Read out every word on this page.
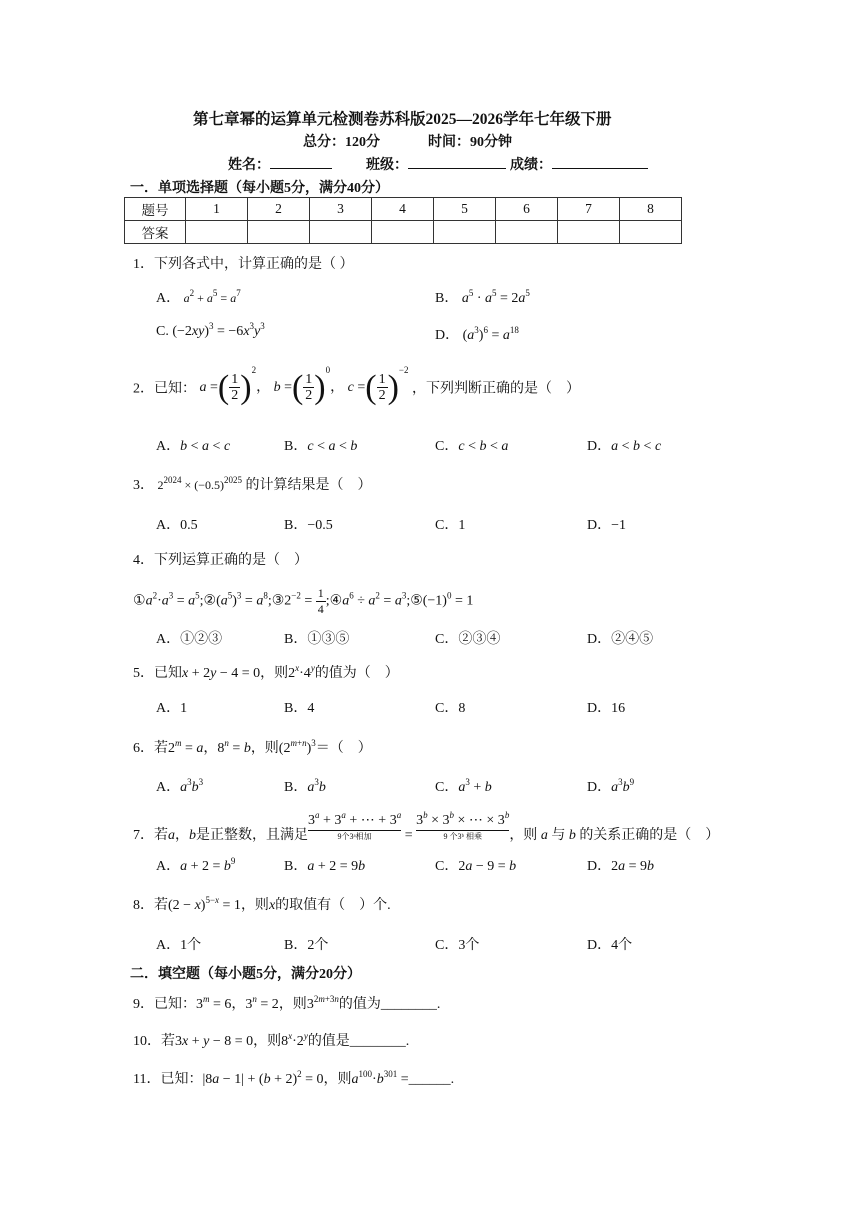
第七章幂的运算单元检测卷苏科版2025—2026学年七年级下册
总分：120分	时间：90分钟
姓名：	班级：	成绩：
一．单项选择题（每小题5分，满分40分）
题号	1	2	3	4	5	6	7	8
答案								
1．下列各式中，计算正确的是（ ）
A． $a^2 + a^5 = a^7$	B． $a^5 \cdot a^5 = 2a^5$
C. $(-2xy)^3 = -6x^3y^3$
D． $(a^3)^6 = a^{18}$
2．已知： a =( $\frac{1}{2} )^2$， b =( $\frac{1}{2} )^0$， c =( $\frac{1}{2} )^{-2}$ ，下列判断正确的是（　）
A．b < a < c	B．c < a < b	C．c < b < a	D．a < b < c
3． $2^{2024} \times (-0.5)^{2025}$ 的计算结果是（　）
A．0.5	B．−0.5	C．1	D．−1
4．下列运算正确的是（　）
$①a^2\cdot a^3$ = $a^5;②(a^5)^3$ = $a^8;③2^{-2} = \frac{1}{4}$ $;④a^6 \div a^2$ = $a^3;⑤(-1)^0 = 1$
A．①②③	B．①③⑤	C．②③④	D．②④⑤
5．已知x + 2y − 4 = 0，则$2^x\cdot 4^y$的值为（　）
A．1	B．4	C．8	D．16
6．若$2^m = a$，$8^n = b$，则$(2^{m+n})^3=$（　）
A．$a^3b^3$	B．$a^3b$	C．$a^3 + b$	D．$a^3b^9$
7．若a，b是正整数，且满足$3^a + 3^a$ + ⋯ + $3^a$
9个3ᵃ相加	= $3^b \times 3^b$ × ⋯ × $3^b$
9 个3ᵇ 相乘	，则 a 与 b 的关系正确的是（　）
A．$a + 2 = b^9$	B．a + 2 = 9b	C．2a − 9 = b	D．2a = 9b
8．若$(2 - x)^{5-x} = 1$，则x的取值有（　）个.
A．1个	B．2个	C．3个	D．4个
二．填空题（每小题5分，满分20分）
9．已知：$3^m = 6$，$3^n = 2$，则$3^{2m+3n}$的值为________.
10．若3x + y − 8 = 0，则$8^x\cdot 2^y$的值是________.
11．已知：$|8a - 1| + (b + 2)^2 = 0$，则$a^{100}\cdot b^{301}$ =______.
